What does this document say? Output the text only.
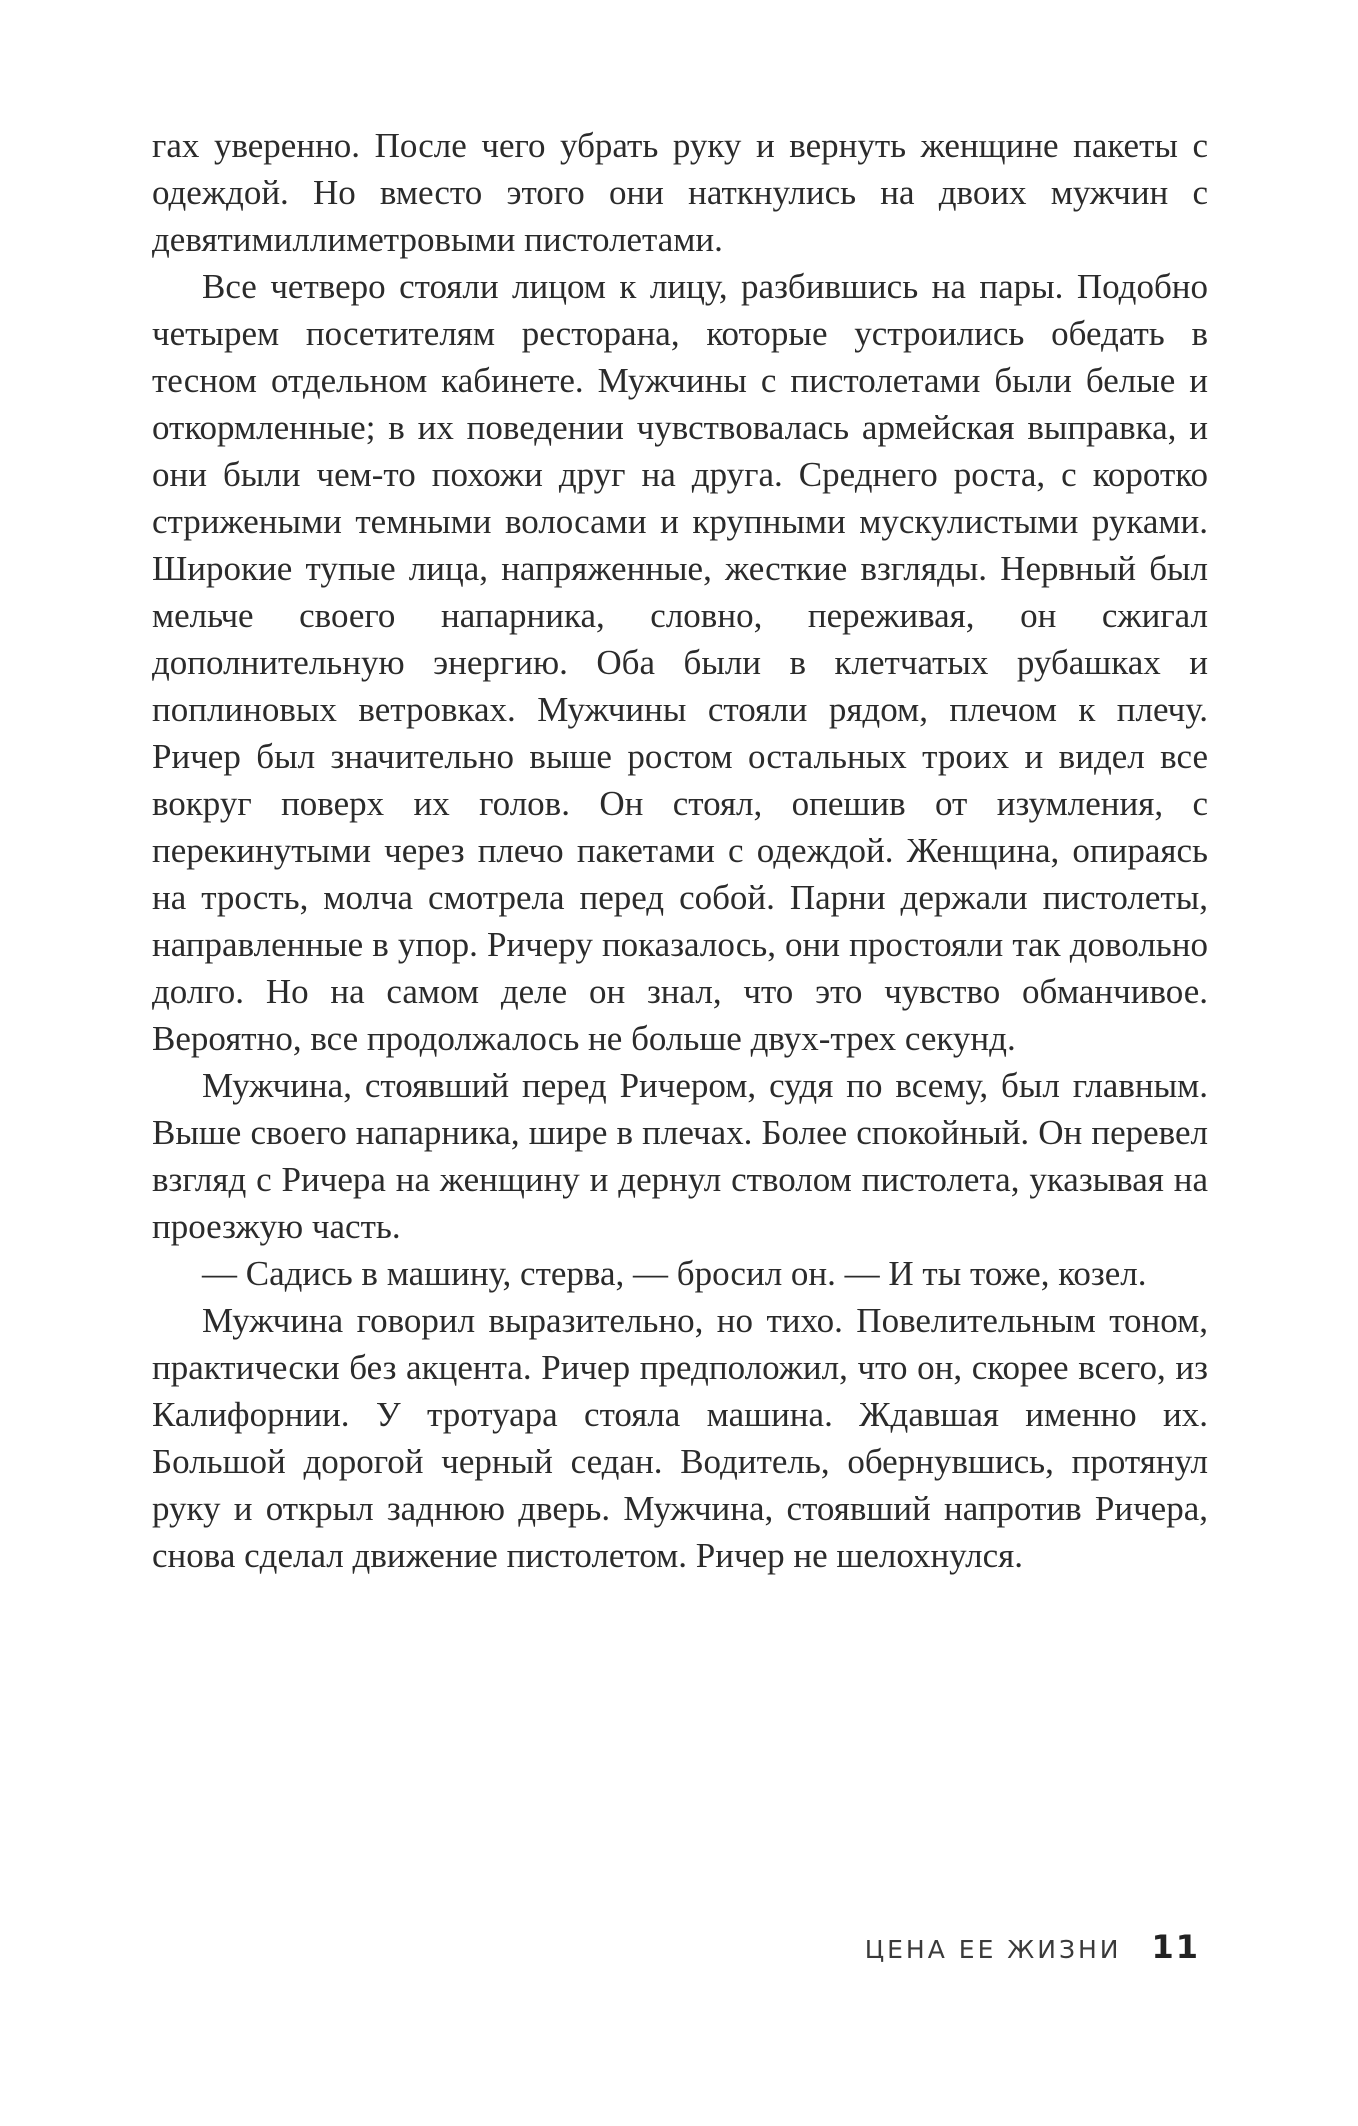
гах уверенно. После чего убрать руку и вернуть женщине пакеты с одеждой. Но вместо этого они наткнулись на двоих мужчин с девятимиллиметровыми пистолетами.

Все четверо стояли лицом к лицу, разбившись на пары. Подобно четырем посетителям ресторана, которые устроились обедать в тесном отдельном кабинете. Мужчины с пистолетами были белые и откормленные; в их поведении чувствовалась армейская выправка, и они были чем-то похожи друг на друга. Среднего роста, с коротко стрижеными темными волосами и крупными мускулистыми руками. Широкие тупые лица, напряженные, жесткие взгляды. Нервный был мельче своего напарника, словно, переживая, он сжигал дополнительную энергию. Оба были в клетчатых рубашках и поплиновых ветровках. Мужчины стояли рядом, плечом к плечу. Ричер был значительно выше ростом остальных троих и видел все вокруг поверх их голов. Он стоял, опешив от изумления, с перекинутыми через плечо пакетами с одеждой. Женщина, опираясь на трость, молча смотрела перед собой. Парни держали пистолеты, направленные в упор. Ричеру показалось, они простояли так довольно долго. Но на самом деле он знал, что это чувство обманчивое. Вероятно, все продолжалось не больше двух-трех секунд.

Мужчина, стоявший перед Ричером, судя по всему, был главным. Выше своего напарника, шире в плечах. Более спокойный. Он перевел взгляд с Ричера на женщину и дернул стволом пистолета, указывая на проезжую часть.

— Садись в машину, стерва, — бросил он. — И ты тоже, козел.

Мужчина говорил выразительно, но тихо. Повелительным тоном, практически без акцента. Ричер предположил, что он, скорее всего, из Калифорнии. У тротуара стояла машина. Ждавшая именно их. Большой дорогой черный седан. Водитель, обернувшись, протянул руку и открыл заднюю дверь. Мужчина, стоявший напротив Ричера, снова сделал движение пистолетом. Ричер не шелохнулся.

ЦЕНА ЕЕ ЖИЗНИ 11
